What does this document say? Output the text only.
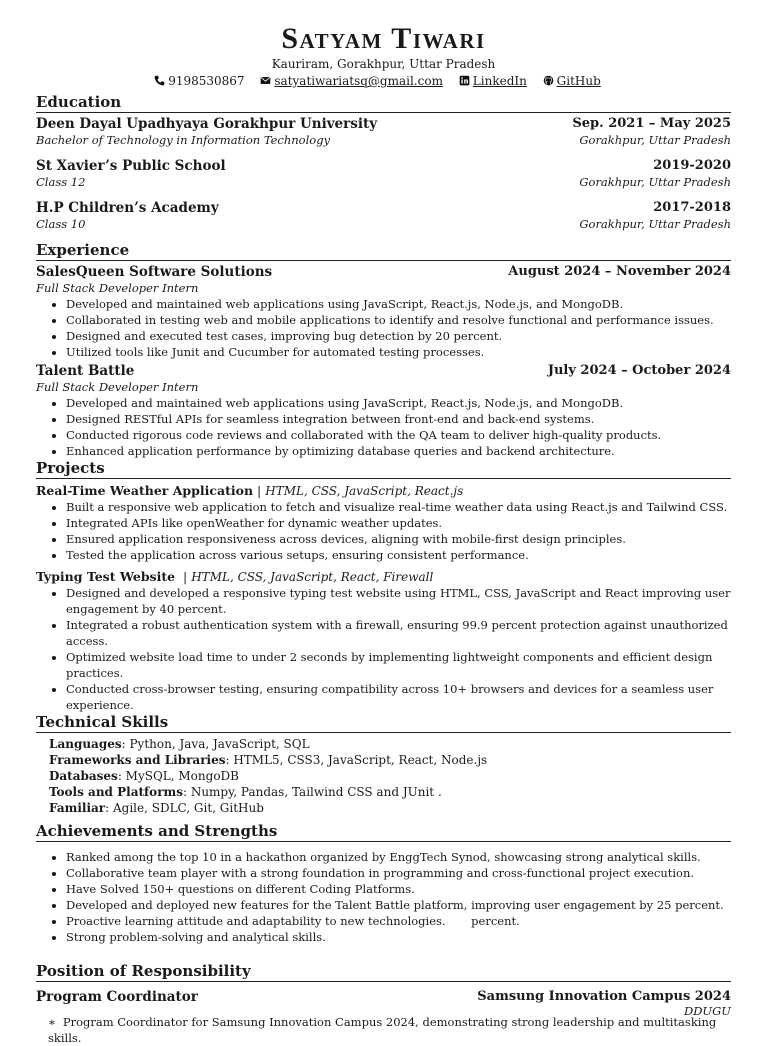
Satyam Tiwari
Kauriram, Gorakhpur, Uttar Pradesh
9198530867 satyatiwariatsq@gmail.com LinkedIn GitHub
Education
Deen Dayal Upadhyaya Gorakhpur University	Sep. 2021 – May 2025
Bachelor of Technology in Information Technology	Gorakhpur, Uttar Pradesh
St Xavier’s Public School	2019-2020
Class 12	Gorakhpur, Uttar Pradesh
H.P Children’s Academy	2017-2018
Class 10	Gorakhpur, Uttar Pradesh
Experience
SalesQueen Software Solutions	August 2024 – November 2024
Full Stack Developer Intern
• Developed and maintained web applications using JavaScript, React.js, Node.js, and MongoDB.
• Collaborated in testing web and mobile applications to identify and resolve functional and performance issues.
• Designed and executed test cases, improving bug detection by 20 percent.
• Utilized tools like Junit and Cucumber for automated testing processes.
Talent Battle	July 2024 – October 2024
Full Stack Developer Intern
• Developed and maintained web applications using JavaScript, React.js, Node.js, and MongoDB.
• Designed RESTful APIs for seamless integration between front-end and back-end systems.
• Conducted rigorous code reviews and collaborated with the QA team to deliver high-quality products.
• Enhanced application performance by optimizing database queries and backend architecture.
Projects
Real-Time Weather Application | HTML, CSS, JavaScript, React.js
• Built a responsive web application to fetch and visualize real-time weather data using React.js and Tailwind CSS.
• Integrated APIs like openWeather for dynamic weather updates.
• Ensured application responsiveness across devices, aligning with mobile-first design principles.
• Tested the application across various setups, ensuring consistent performance.
Typing Test Website  | HTML, CSS, JavaScript, React, Firewall
• Designed and developed a responsive typing test website using HTML, CSS, JavaScript and React improving user engagement by 40 percent.
• Integrated a robust authentication system with a firewall, ensuring 99.9 percent protection against unauthorized access.
• Optimized website load time to under 2 seconds by implementing lightweight components and efficient design practices.
• Conducted cross-browser testing, ensuring compatibility across 10+ browsers and devices for a seamless user experience.
Technical Skills
Languages: Python, Java, JavaScript, SQL
Frameworks and Libraries: HTML5, CSS3, JavaScript, React, Node.js
Databases: MySQL, MongoDB
Tools and Platforms: Numpy, Pandas, Tailwind CSS and JUnit .
Familiar: Agile, SDLC, Git, GitHub
Achievements and Strengths
• Ranked among the top 10 in a hackathon organized by EnggTech Synod, showcasing strong analytical skills.
• Collaborative team player with a strong foundation in programming and cross-functional project execution.
• Have Solved 150+ questions on different Coding Platforms.
• Developed and deployed new features for the Talent Battle platform, improving user engagement by 25 percent.
• Proactive learning attitude and adaptability to new technologies.       percent.
• Strong problem-solving and analytical skills.
Position of Responsibility
Program Coordinator	Samsung Innovation Campus 2024
DDUGU
∗ Program Coordinator for Samsung Innovation Campus 2024, demonstrating strong leadership and multitasking skills.
